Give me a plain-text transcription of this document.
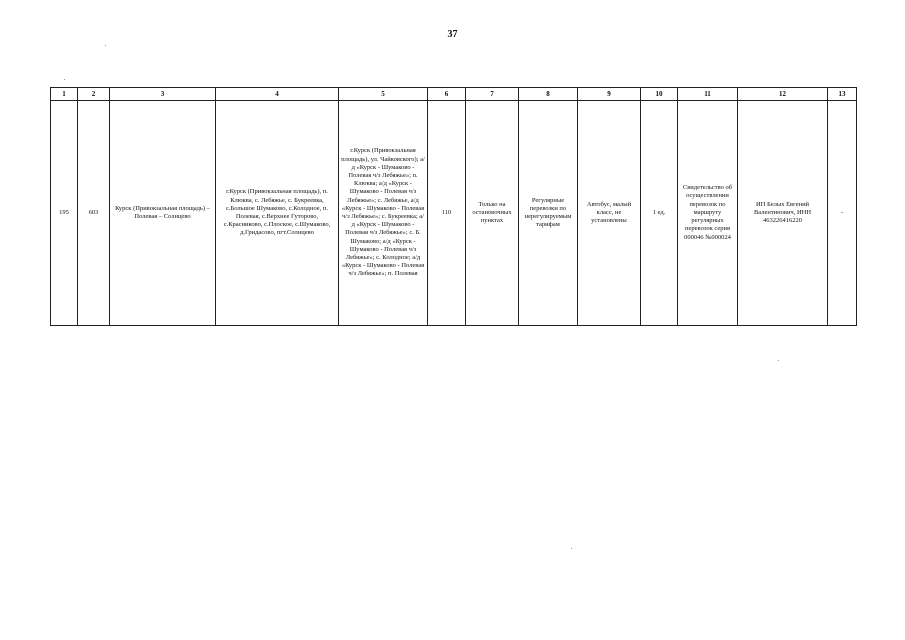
37
1	2	3	4	5	6	7	8	9	10	11	12	13
195	603	Курск (Привокзальная площадь) – Полевая – Солнцево	г.Курск (Привокзальная площадь), п. Клюква, с. Лебяжье, с. Букреевка, с.Большое Шумаково, с.Колодное, п. Полевая, с.Верхнее Гуторово, с.Красниково, с.Плоское, с.Шумаково, д.Гридасово, пгт.Солнцево	г.Курск (Привокзальная площадь), ул. Чайковского); а/д «Курск - Шумаково - Полевая ч/з Лебяжье»; п. Клюква; а/д «Курск - Шумаково - Полевая ч/з Лебяжье»; с. Лебяжье, а/д «Курск - Шумаково - Полевая ч/з Лебяжье»; с. Букреевка; а/д «Курск - Шумаково - Полевая ч/з Лебяжье»; с. Б. Шумаково; а/д «Курск - Шумаково - Полевая ч/з Лебяжье»; с. Колодное; а/д «Курск - Шумаково - Полевая ч/з Лебяжье»; п. Полевая	110	Только на остановочных пунктах	Регулярные перевозки по нерегулируемым тарифам	Автобус, малый класс, не установлены	1 ед.	Свидетельство об осуществлении перевозок по маршруту регулярных перевозок серия 000046 №000024	ИП Белых Евгений Валентинович, ИНН 463226416220	-
